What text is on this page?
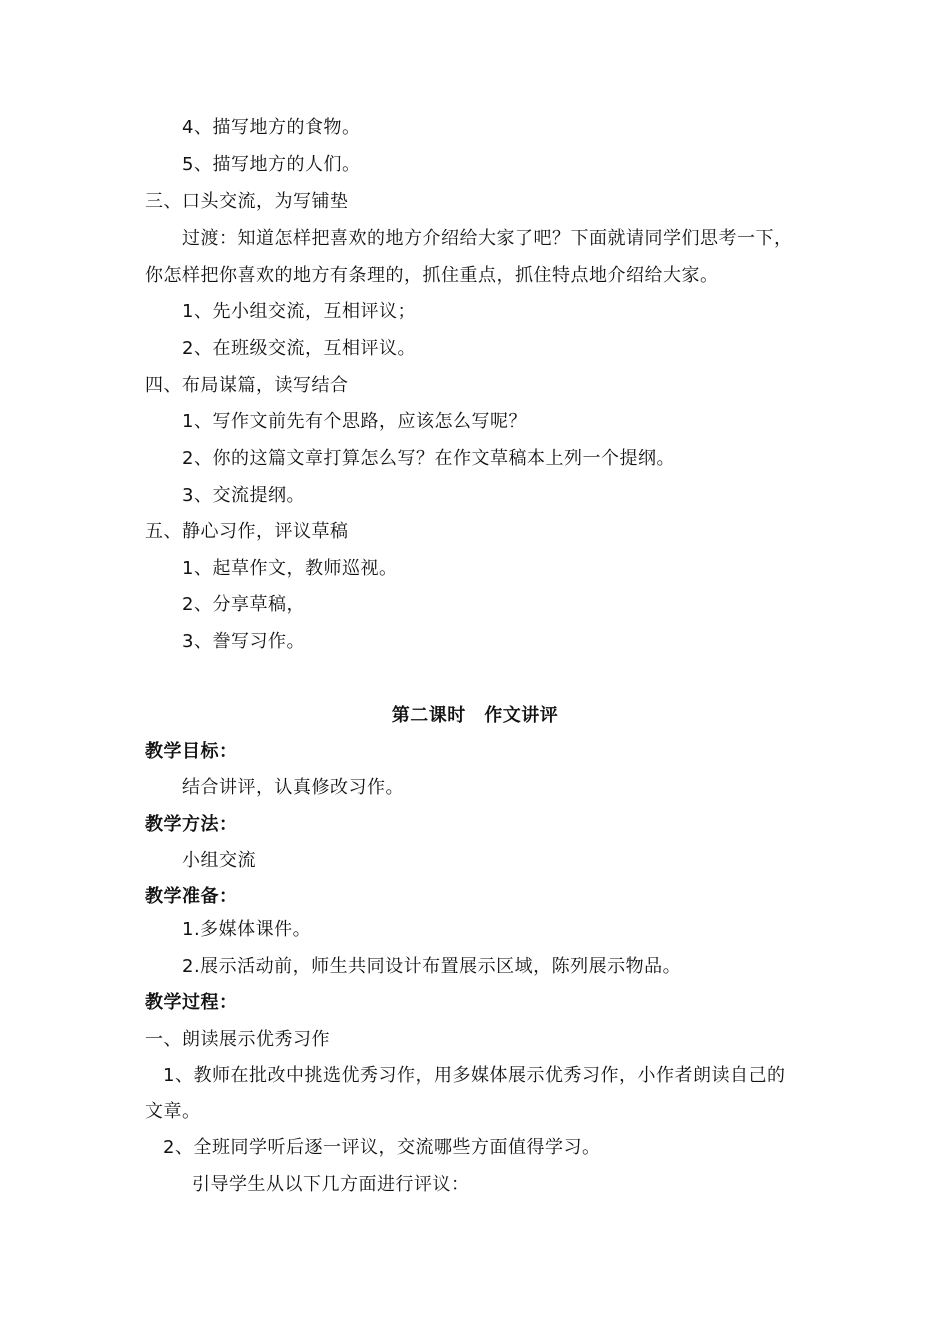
4、描写地方的食物。
5、描写地方的人们。
三、口头交流，为写铺垫
过渡：知道怎样把喜欢的地方介绍给大家了吧？下面就请同学们思考一下，
你怎样把你喜欢的地方有条理的，抓住重点，抓住特点地介绍给大家。
1、先小组交流，互相评议；
2、在班级交流，互相评议。
四、布局谋篇，读写结合
1、写作文前先有个思路，应该怎么写呢？
2、你的这篇文章打算怎么写？在作文草稿本上列一个提纲。
3、交流提纲。
五、静心习作，评议草稿
1、起草作文，教师巡视。
2、分享草稿，
3、誊写习作。
第二课时　作文讲评
教学目标：
结合讲评，认真修改习作。
教学方法：
小组交流
教学准备：
1.多媒体课件。
2.展示活动前，师生共同设计布置展示区域，陈列展示物品。
教学过程：
一、朗读展示优秀习作
1、教师在批改中挑选优秀习作，用多媒体展示优秀习作，小作者朗读自己的
文章。
2、全班同学听后逐一评议，交流哪些方面值得学习。
引导学生从以下几方面进行评议：
